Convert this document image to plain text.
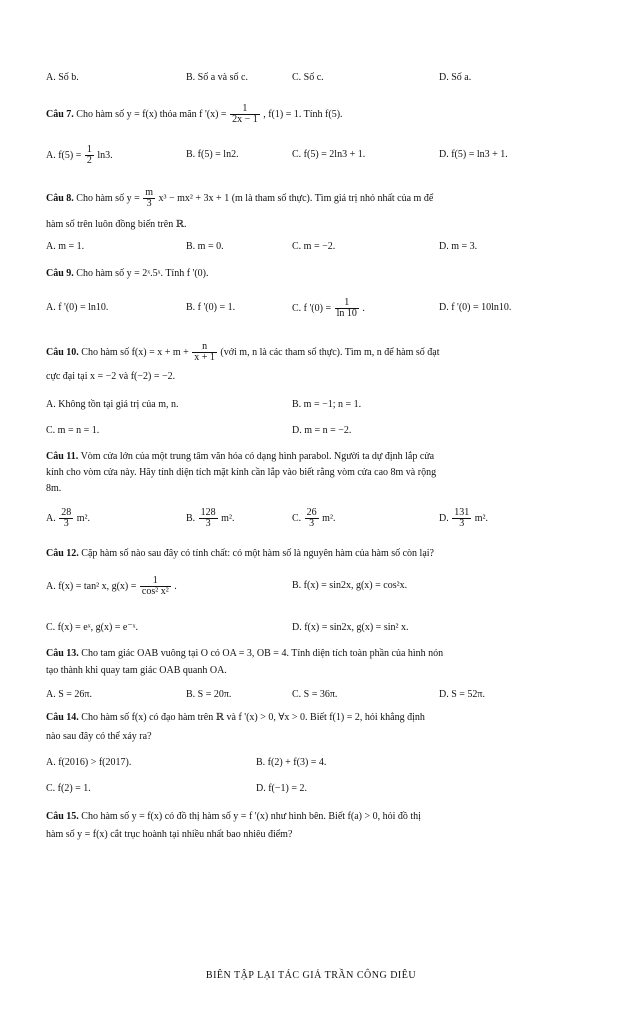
A. Số b.	B. Số a và số c.	C. Số c.	D. Số a.
Câu 7. Cho hàm số y = f(x) thỏa mãn f '$(x) = \frac{1}{2x - 1}$ , f(1) = 1. Tính f(5).
A. $f(5) = \frac{1}{2} \ln 3$.	B. f(5) = ln2.	C. f(5) = 2ln3 + 1.	D. f(5) = ln3 + 1.
Câu 8. Cho hàm số $y = \frac{m}{3} x^3 - mx^2 + 3x + 1$ (m là tham số thực). Tìm giá trị nhỏ nhất của m để
hàm số trên luôn đồng biến trên ℝ.
A. m = 1.	B. m = 0.	C. m = −2.	D. m = 3.
Câu 9. Cho hàm số y = 2ˣ.5ˣ. Tính f '(0).
A. f '(0) = ln10.	B. f '(0) = 1.	C. f '$(0) = \frac{1}{\ln 10}$ .	D. f '(0) = 10ln10.
Câu 10. Cho hàm số $f(x) = x + m + \frac{n}{x + 1}$ (với m, n là các tham số thực). Tìm m, n để hàm số đạt
cực đại tại x = −2 và f(−2) = −2.
A. Không tồn tại giá trị của m, n.	B. m = −1; n = 1.
C. m = n = 1.	D. m = n = −2.
Câu 11. Vòm cửa lớn của một trung tâm văn hóa có dạng hình parabol. Người ta dự định lắp cửa
kính cho vòm cửa này. Hãy tính diện tích mặt kính cần lắp vào biết rằng vòm cửa cao 8m và rộng
8m.
A. $\frac{28}{3} m^2$.	B. $\frac{128}{3} m^2$.	C. $\frac{26}{3} m^2$.	D. $\frac{131}{3} m^2$.
Câu 12. Cặp hàm số nào sau đây có tính chất: có một hàm số là nguyên hàm của hàm số còn lại?
A. f(x) = tan² x, $g(x) = \frac{1}{\text{cos² x²}}$ .	B. f(x) = sin2x, g(x) = cos²x.
C. f(x) = eˣ, g(x) = e⁻ˣ.	D. f(x) = sin2x, g(x) = sin² x.
Câu 13. Cho tam giác OAB vuông tại O có OA = 3, OB = 4. Tính diện tích toàn phần của hình nón
tạo thành khi quay tam giác OAB quanh OA.
A. S = 26π.	B. S = 20π.	C. S = 36π.	D. S = 52π.
Câu 14. Cho hàm số f(x) có đạo hàm trên ℝ và f '(x) > 0, ∀x > 0. Biết f(1) = 2, hỏi khẳng định
nào sau đây có thể xảy ra?
A. f(2016) > f(2017).	B. f(2) + f(3) = 4.
C. f(2) = 1.	D. f(−1) = 2.
Câu 15. Cho hàm số y = f(x) có đồ thị hàm số y = f '(x) như hình bên. Biết f(a) > 0, hỏi đồ thị
hàm số y = f(x) cắt trục hoành tại nhiều nhất bao nhiêu điểm?
BIÊN TẬP LẠI TÁC GIẢ TRẦN CÔNG DIÊU
